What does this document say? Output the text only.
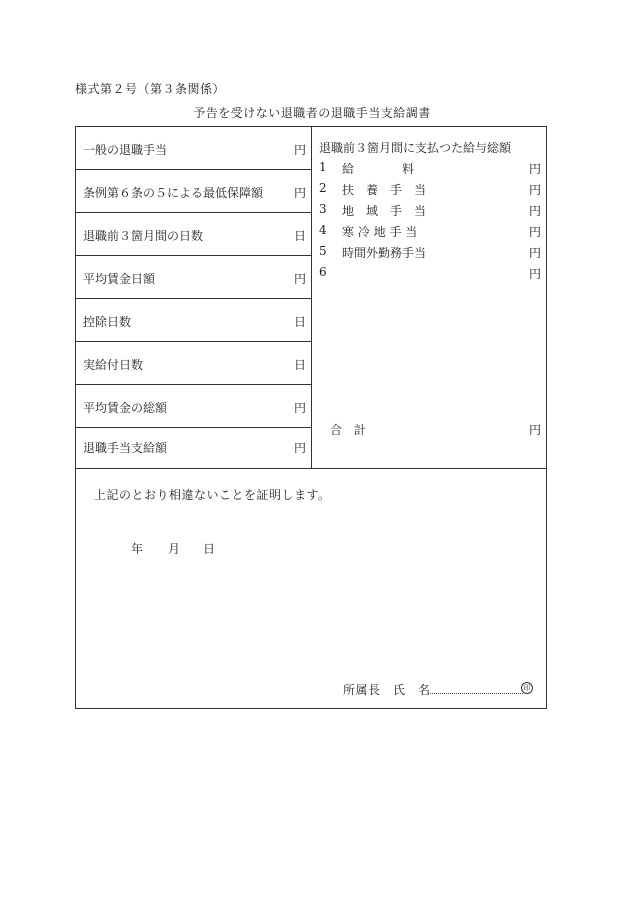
様式第２号（第３条関係）
予告を受けない退職者の退職手当支給調書
一般の退職手当	円
条例第６条の５による最低保障額	円
退職前３箇月間の日数	日
平均賃金日額	円
控除日数	日
実給付日数	日
平均賃金の総額	円
退職手当支給額	円
退職前３箇月間に支払つた給与総額
1 給　　　　料	円
2 扶　養　手　当	円
3 地　域　手　当	円
4 寒 冷 地 手 当	円
5 時間外勤務手当	円
6	円
合　計	円
上記のとおり相違ないことを証明します。
年 月 日
所属長　氏　名	印
